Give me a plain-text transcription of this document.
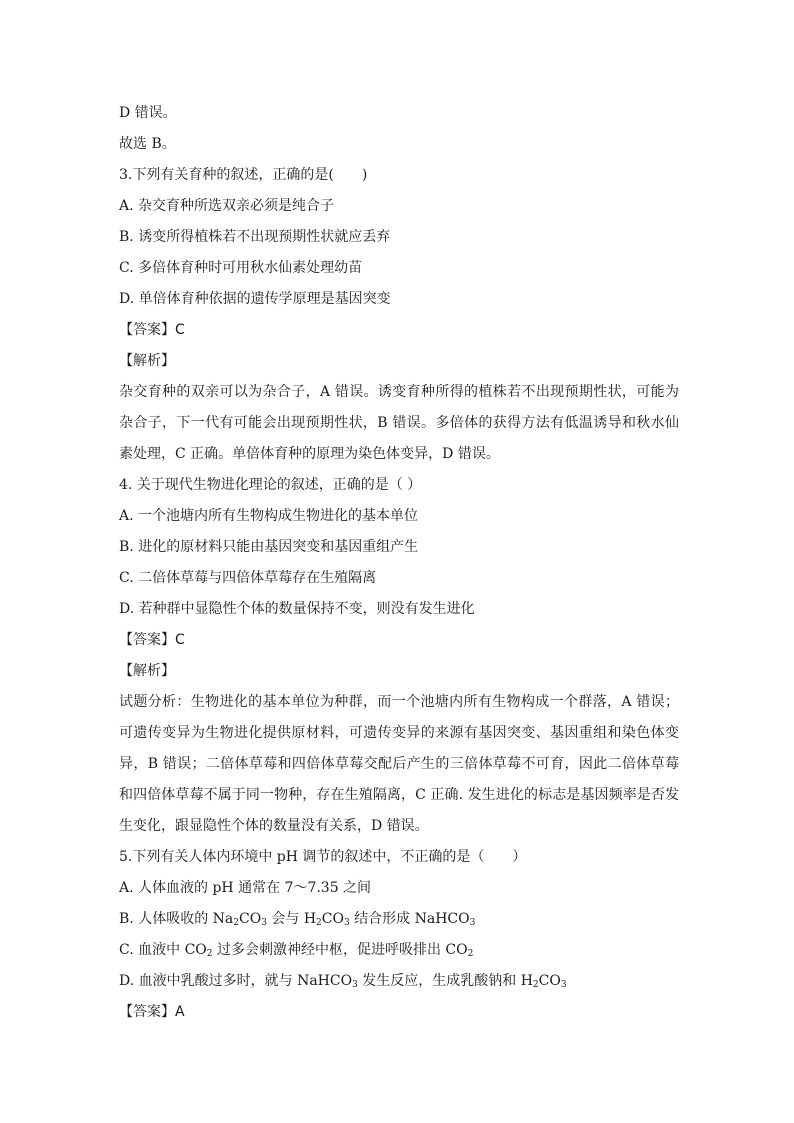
D 错误。
故选 B。
3.下列有关育种的叙述，正确的是(　　)
A. 杂交育种所选双亲必须是纯合子
B. 诱变所得植株若不出现预期性状就应丢弃
C. 多倍体育种时可用秋水仙素处理幼苗
D. 单倍体育种依据的遗传学原理是基因突变
【答案】C
【解析】
杂交育种的双亲可以为杂合子，A 错误。诱变育种所得的植株若不出现预期性状，可能为杂合子，下一代有可能会出现预期性状，B 错误。多倍体的获得方法有低温诱导和秋水仙素处理，C 正确。单倍体育种的原理为染色体变异，D 错误。
4. 关于现代生物进化理论的叙述，正确的是（ ）
A. 一个池塘内所有生物构成生物进化的基本单位
B. 进化的原材料只能由基因突变和基因重组产生
C. 二倍体草莓与四倍体草莓存在生殖隔离
D. 若种群中显隐性个体的数量保持不变，则没有发生进化
【答案】C
【解析】
试题分析：生物进化的基本单位为种群，而一个池塘内所有生物构成一个群落，A 错误；可遗传变异为生物进化提供原材料，可遗传变异的来源有基因突变、基因重组和染色体变异，B 错误；二倍体草莓和四倍体草莓交配后产生的三倍体草莓不可育，因此二倍体草莓和四倍体草莓不属于同一物种，存在生殖隔离，C 正确. 发生进化的标志是基因频率是否发生变化，跟显隐性个体的数量没有关系，D 错误。
5.下列有关人体内环境中 pH 调节的叙述中，不正确的是（　　）
A. 人体血液的 pH 通常在 7～7.35 之间
B. 人体吸收的 $Na_2CO_3$ 会与 $H_2CO_3$ 结合形成 NaHCO$_3$
C. 血液中 $CO_2$ 过多会刺激神经中枢，促进呼吸排出 $CO_2$
D. 血液中乳酸过多时，就与 NaHCO$_3$ 发生反应，生成乳酸钠和 $H_2CO_3$
【答案】A
